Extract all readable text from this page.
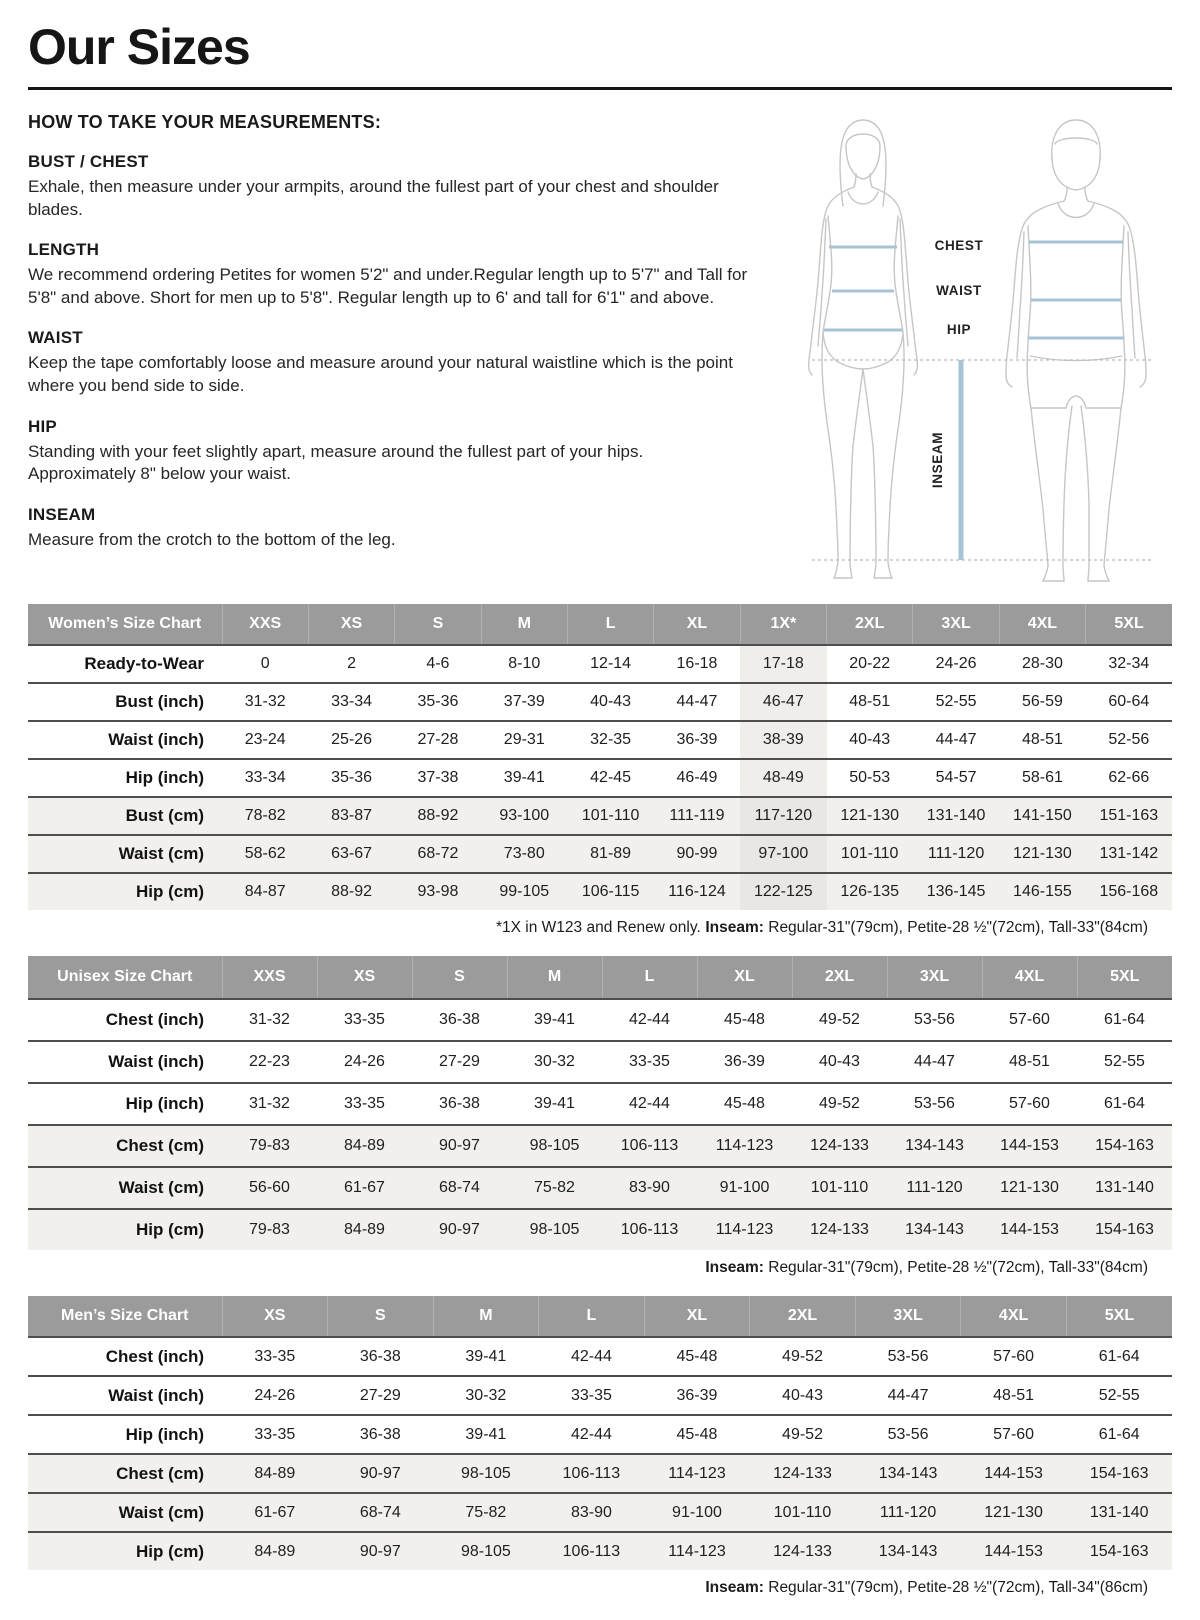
Our Sizes
HOW TO TAKE YOUR MEASUREMENTS:
BUST / CHEST

Exhale, then measure under your armpits, around the fullest part of your chest and shoulder blades.

LENGTH

We recommend ordering Petites for women 5'2" and under.Regular length up to 5'7" and Tall for 5'8" and above. Short for men up to 5'8". Regular length up to 6' and tall for 6'1" and above.

WAIST

Keep the tape comfortably loose and measure around your natural waistline which is the point where you bend side to side.

HIP

Standing with your feet slightly apart, measure around the fullest part of your hips. Approximately 8" below your waist.

INSEAM

Measure from the crotch to the bottom of the leg.

CHEST
WAIST
HIP
INSEAM
Women’s Size Chart	XXS	XS	S	M	L	XL	1X*	2XL	3XL	4XL	5XL
Ready-to-Wear	0	2	4-6	8-10	12-14	16-18	17-18	20-22	24-26	28-30	32-34
Bust (inch)	31-32	33-34	35-36	37-39	40-43	44-47	46-47	48-51	52-55	56-59	60-64
Waist (inch)	23-24	25-26	27-28	29-31	32-35	36-39	38-39	40-43	44-47	48-51	52-56
Hip (inch)	33-34	35-36	37-38	39-41	42-45	46-49	48-49	50-53	54-57	58-61	62-66
Bust (cm)	78-82	83-87	88-92	93-100	101-110	111-119	117-120	121-130	131-140	141-150	151-163
Waist (cm)	58-62	63-67	68-72	73-80	81-89	90-99	97-100	101-110	111-120	121-130	131-142
Hip (cm)	84-87	88-92	93-98	99-105	106-115	116-124	122-125	126-135	136-145	146-155	156-168
*1X in W123 and Renew only. Inseam: Regular-31"(79cm), Petite-28 ½"(72cm), Tall-33"(84cm)
Unisex Size Chart	XXS	XS	S	M	L	XL	2XL	3XL	4XL	5XL
Chest (inch)	31-32	33-35	36-38	39-41	42-44	45-48	49-52	53-56	57-60	61-64
Waist (inch)	22-23	24-26	27-29	30-32	33-35	36-39	40-43	44-47	48-51	52-55
Hip (inch)	31-32	33-35	36-38	39-41	42-44	45-48	49-52	53-56	57-60	61-64
Chest (cm)	79-83	84-89	90-97	98-105	106-113	114-123	124-133	134-143	144-153	154-163
Waist (cm)	56-60	61-67	68-74	75-82	83-90	91-100	101-110	111-120	121-130	131-140
Hip (cm)	79-83	84-89	90-97	98-105	106-113	114-123	124-133	134-143	144-153	154-163
Inseam: Regular-31"(79cm), Petite-28 ½"(72cm), Tall-33"(84cm)
Men’s Size Chart	XS	S	M	L	XL	2XL	3XL	4XL	5XL
Chest (inch)	33-35	36-38	39-41	42-44	45-48	49-52	53-56	57-60	61-64
Waist (inch)	24-26	27-29	30-32	33-35	36-39	40-43	44-47	48-51	52-55
Hip (inch)	33-35	36-38	39-41	42-44	45-48	49-52	53-56	57-60	61-64
Chest (cm)	84-89	90-97	98-105	106-113	114-123	124-133	134-143	144-153	154-163
Waist (cm)	61-67	68-74	75-82	83-90	91-100	101-110	111-120	121-130	131-140
Hip (cm)	84-89	90-97	98-105	106-113	114-123	124-133	134-143	144-153	154-163
Inseam: Regular-31"(79cm), Petite-28 ½"(72cm), Tall-34"(86cm)
